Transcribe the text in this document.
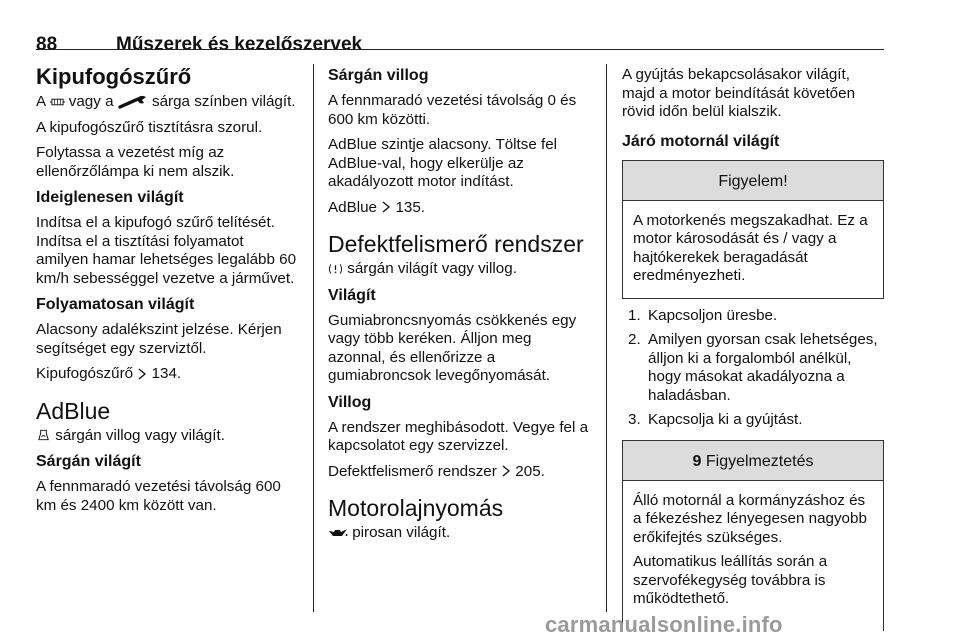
88	Műszerek és kezelőszervek
Kipufogószűrő
A vagy a	sárga színben világít.
A kipufogószűrő tisztításra szorul.
Folytassa a vezetést míg az ellenőrzőlámpa ki nem alszik.
Ideiglenesen világít
Indítsa el a kipufogó szűrő telítését. Indítsa el a tisztítási folyamatot amilyen hamar lehetséges legalább 60 km/h sebességgel vezetve a járművet.
Folyamatosan világít
Alacsony adalékszint jelzése. Kérjen segítséget egy szerviztől.
Kipufogószűrő 134.
AdBlue
sárgán villog vagy világít.
Sárgán világít
A fennmaradó vezetési távolság 600 km és 2400 km között van.
Sárgán villog
A fennmaradó vezetési távolság 0 és 600 km közötti.
AdBlue szintje alacsony. Töltse fel AdBlue-val, hogy elkerülje az akadályozott motor indítást.
AdBlue 135.
Defektfelismerő rendszer
sárgán világít vagy villog.
Világít
Gumiabroncsnyomás csökkenés egy vagy több keréken. Álljon meg azonnal, és ellenőrizze a gumiabroncsok levegőnyomását.
Villog
A rendszer meghibásodott. Vegye fel a kapcsolatot egy szervizzel.
Defektfelismerő rendszer 205.
Motorolajnyomás
pirosan világít.
A gyújtás bekapcsolásakor világít, majd a motor beindítását követően rövid időn belül kialszik.
Járó motornál világít
Figyelem!
A motorkenés megszakadhat. Ez a motor károsodását és / vagy a hajtókerekek beragadását eredményezheti.
1. Kapcsoljon üresbe.
2. Amilyen gyorsan csak lehetséges, álljon ki a forgalomból anélkül, hogy másokat akadályozna a haladásban.
3. Kapcsolja ki a gyújtást.
9 Figyelmeztetés
Álló motornál a kormányzáshoz és a fékezéshez lényegesen nagyobb erőkifejtés szükséges.
Automatikus leállítás során a szervofékegység továbbra is működtethető.
carmanualsonline.info
